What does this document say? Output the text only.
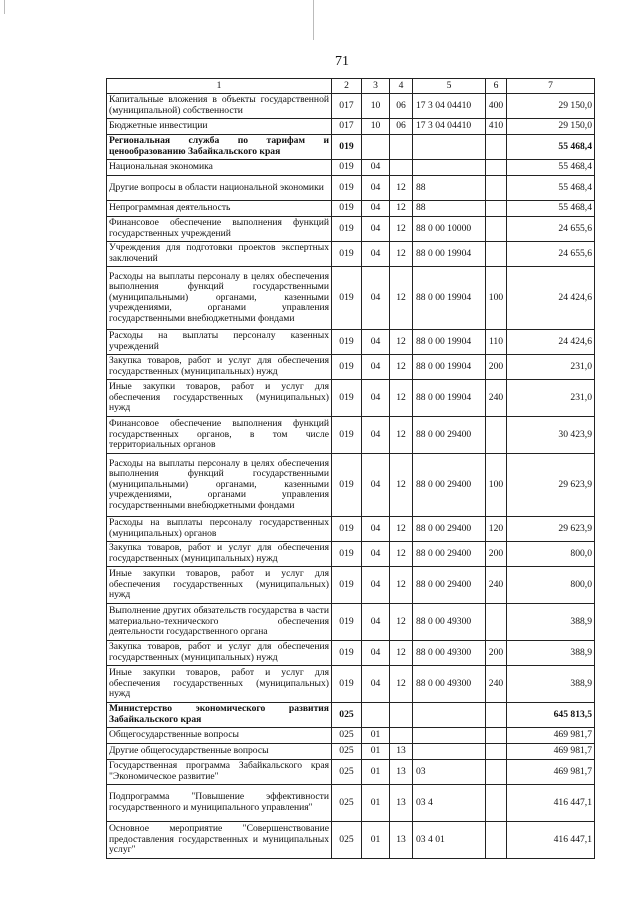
71
1	2	3	4	5	6	7
Капитальные вложения в объекты государственной (муниципальной) собственности	017	10	06	17 3 04 04410	400	29 150,0
Бюджетные инвестиции	017	10	06	17 3 04 04410	410	29 150,0
Региональная служба по тарифам и ценообразованию Забайкальского края	019					55 468,4
Национальная экономика	019	04				55 468,4
Другие вопросы в области национальной экономики	019	04	12	88		55 468,4
Непрограммная деятельность	019	04	12	88		55 468,4
Финансовое обеспечение выполнения функций государственных учреждений	019	04	12	88 0 00 10000		24 655,6
Учреждения для подготовки проектов экспертных заключений	019	04	12	88 0 00 19904		24 655,6
Расходы на выплаты персоналу в целях обеспечения выполнения функций государственными (муниципальными) органами, казенными учреждениями, органами управления государственными внебюджетными фондами	019	04	12	88 0 00 19904	100	24 424,6
Расходы на выплаты персоналу казенных учреждений	019	04	12	88 0 00 19904	110	24 424,6
Закупка товаров, работ и услуг для обеспечения государственных (муниципальных) нужд	019	04	12	88 0 00 19904	200	231,0
Иные закупки товаров, работ и услуг для обеспечения государственных (муниципальных) нужд	019	04	12	88 0 00 19904	240	231,0
Финансовое обеспечение выполнения функций государственных органов, в том числе территориальных органов	019	04	12	88 0 00 29400		30 423,9
Расходы на выплаты персоналу в целях обеспечения выполнения функций государственными (муниципальными) органами, казенными учреждениями, органами управления государственными внебюджетными фондами	019	04	12	88 0 00 29400	100	29 623,9
Расходы на выплаты персоналу государственных (муниципальных) органов	019	04	12	88 0 00 29400	120	29 623,9
Закупка товаров, работ и услуг для обеспечения государственных (муниципальных) нужд	019	04	12	88 0 00 29400	200	800,0
Иные закупки товаров, работ и услуг для обеспечения государственных (муниципальных) нужд	019	04	12	88 0 00 29400	240	800,0
Выполнение других обязательств государства в части материально-технического обеспечения деятельности государственного органа	019	04	12	88 0 00 49300		388,9
Закупка товаров, работ и услуг для обеспечения государственных (муниципальных) нужд	019	04	12	88 0 00 49300	200	388,9
Иные закупки товаров, работ и услуг для обеспечения государственных (муниципальных) нужд	019	04	12	88 0 00 49300	240	388,9
Министерство экономического развития Забайкальского края	025					645 813,5
Общегосударственные вопросы	025	01				469 981,7
Другие общегосударственные вопросы	025	01	13			469 981,7
Государственная программа Забайкальского края "Экономическое развитие"	025	01	13	03		469 981,7
Подпрограмма "Повышение эффективности государственного и муниципального управления"	025	01	13	03 4		416 447,1
Основное мероприятие "Совершенствование предоставления государственных и муниципальных услуг"	025	01	13	03 4 01		416 447,1
